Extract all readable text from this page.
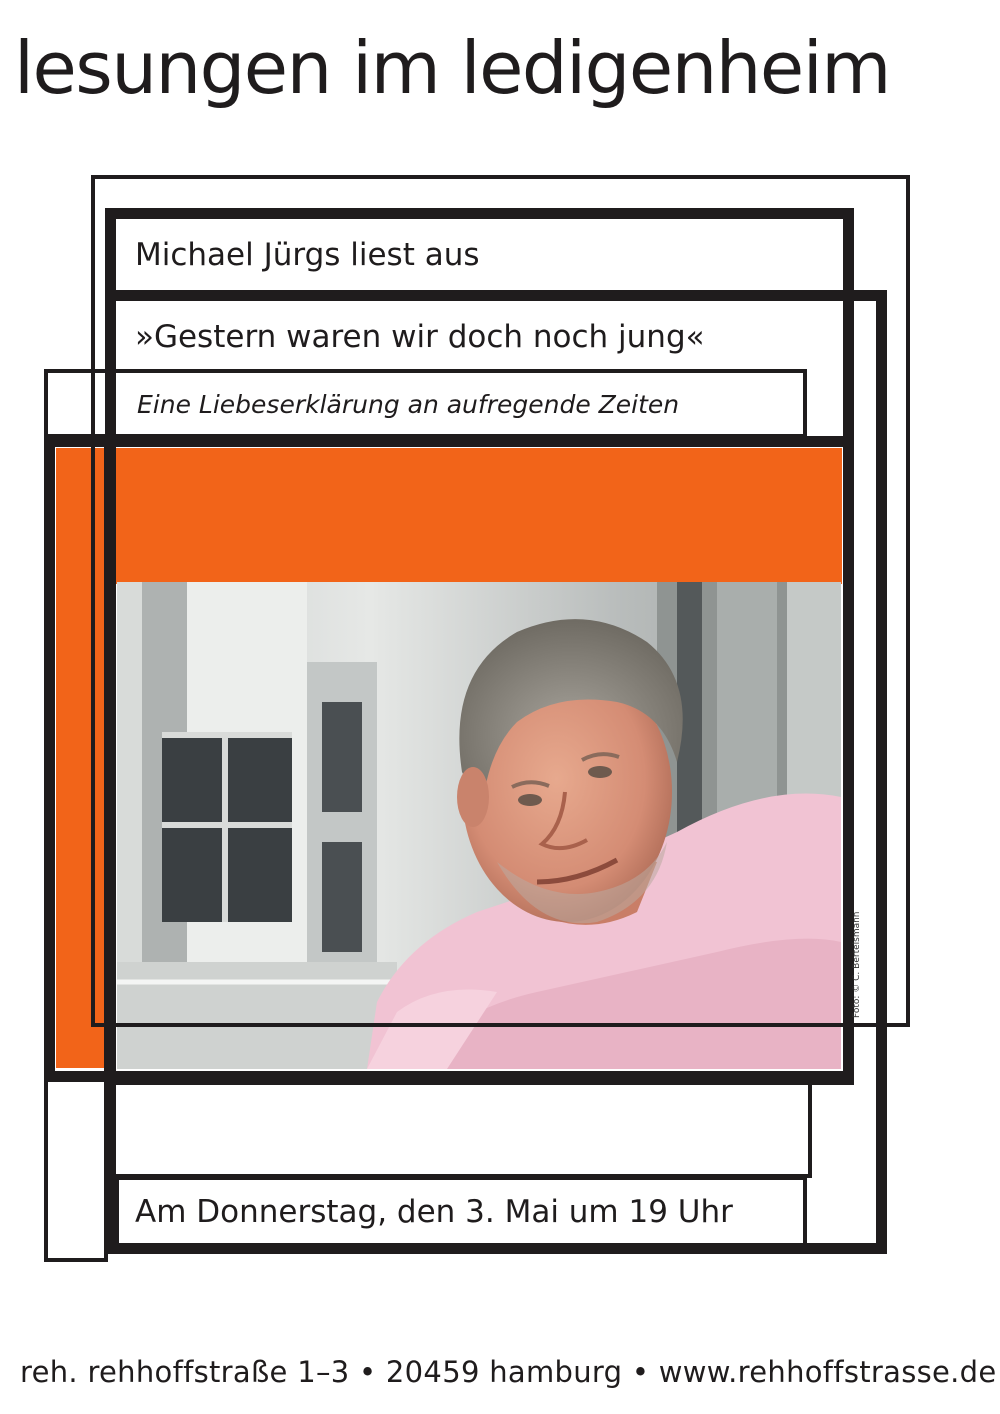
lesungen im ledigenheim
Michael Jürgs liest aus
»Gestern waren wir doch noch jung«
Eine Liebeserklärung an aufregende Zeiten
Am Donnerstag, den 3. Mai um 19 Uhr
Foto: © C. Bertelsmann
reh. rehhoffstraße 1–3 • 20459 hamburg • www.rehhoffstrasse.de
